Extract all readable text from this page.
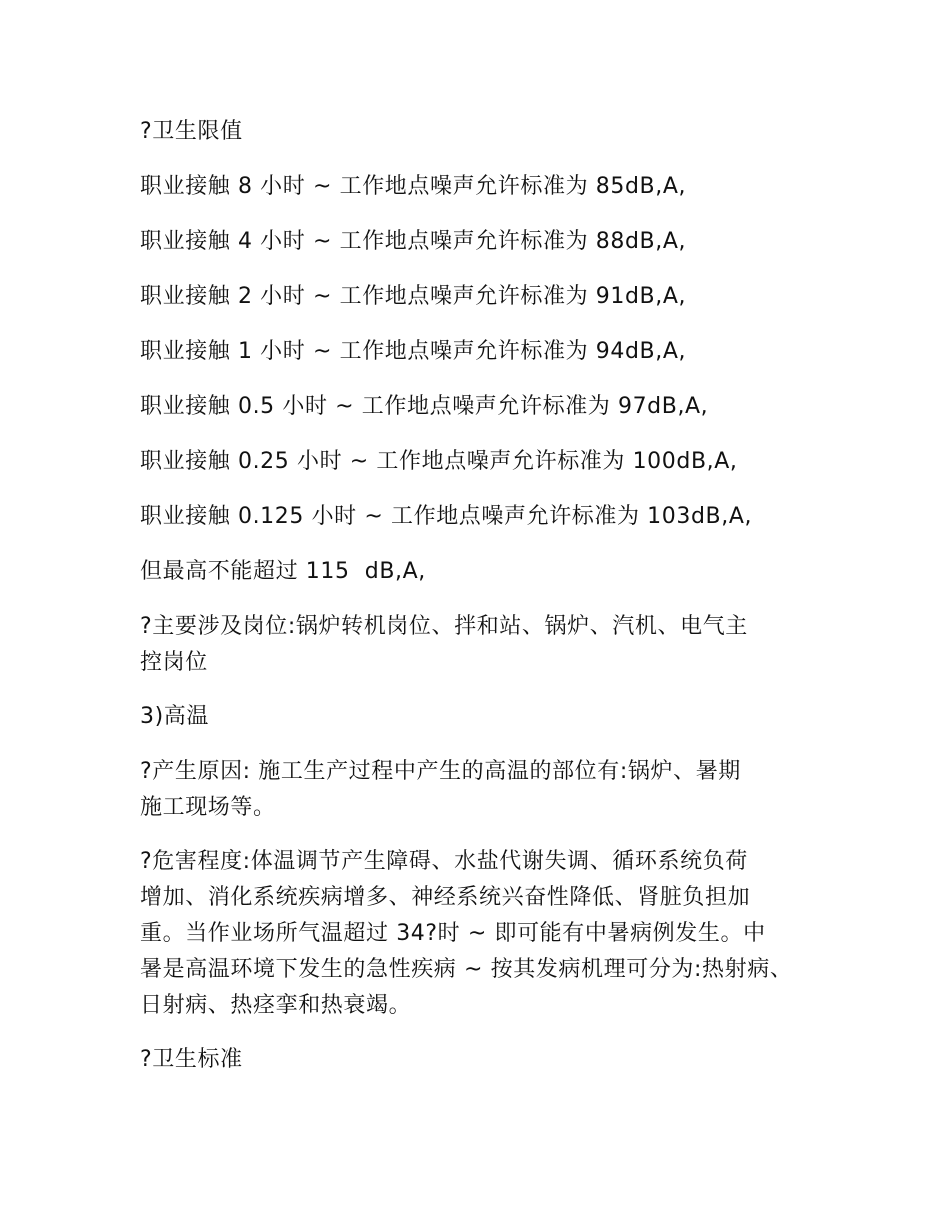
?卫生限值

职业接触 8 小时 ~ 工作地点噪声允许标准为 85dB,A,

职业接触 4 小时 ~ 工作地点噪声允许标准为 88dB,A,

职业接触 2 小时 ~ 工作地点噪声允许标准为 91dB,A,

职业接触 1 小时 ~ 工作地点噪声允许标准为 94dB,A,

职业接触 0.5 小时 ~ 工作地点噪声允许标准为 97dB,A,

职业接触 0.25 小时 ~ 工作地点噪声允许标准为 100dB,A,

职业接触 0.125 小时 ~ 工作地点噪声允许标准为 103dB,A,

但最高不能超过 115  dB,A,

?主要涉及岗位:锅炉转机岗位、拌和站、锅炉、汽机、电气主
控岗位

3)高温

?产生原因: 施工生产过程中产生的高温的部位有:锅炉、暑期
施工现场等。

?危害程度:体温调节产生障碍、水盐代谢失调、循环系统负荷
增加、消化系统疾病增多、神经系统兴奋性降低、肾脏负担加
重。当作业场所气温超过 34?时 ~ 即可能有中暑病例发生。中
暑是高温环境下发生的急性疾病 ~ 按其发病机理可分为:热射病、
日射病、热痉挛和热衰竭。

?卫生标准
